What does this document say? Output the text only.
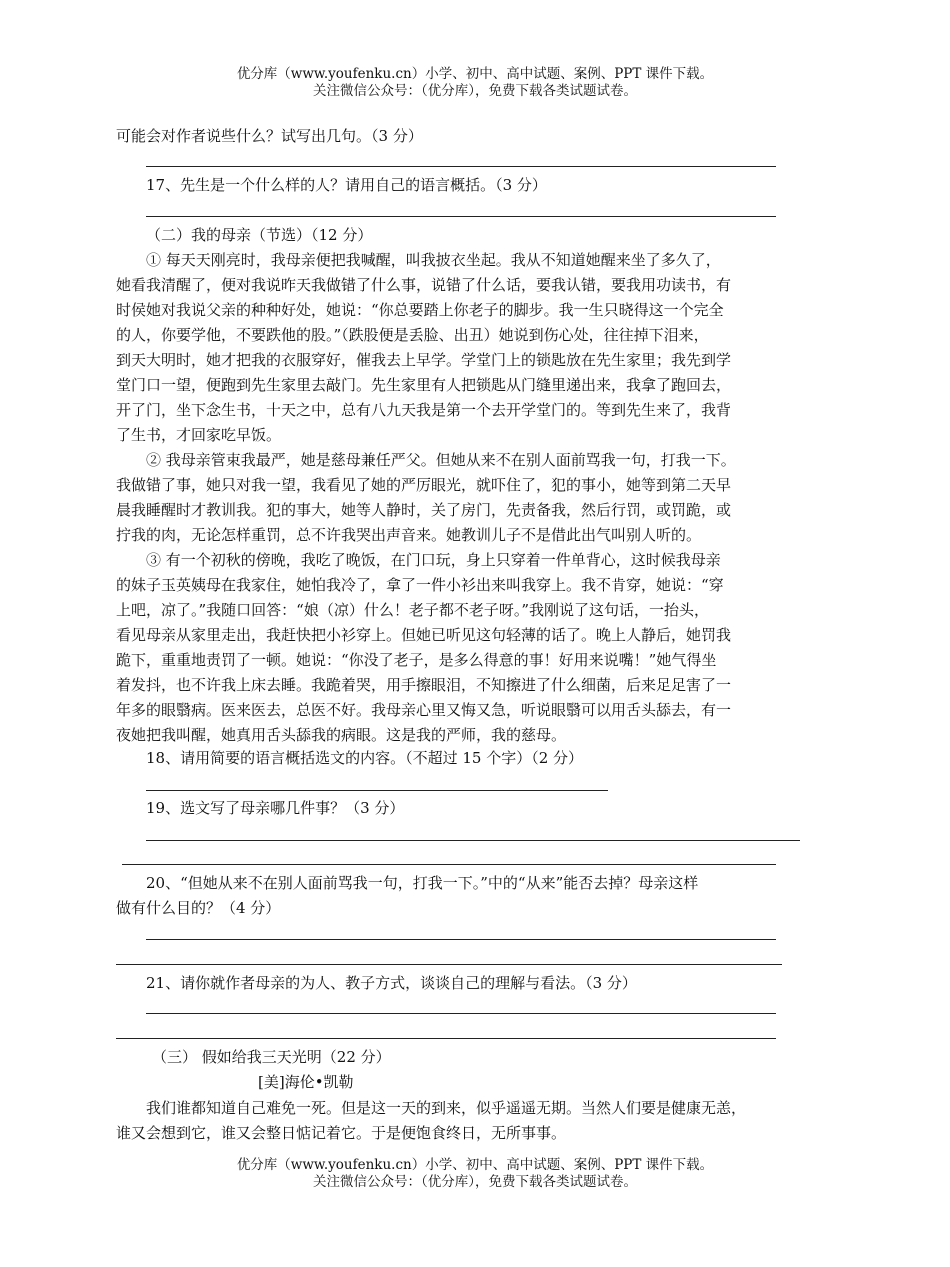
优分库（www.youfenku.cn）小学、初中、高中试题、案例、PPT 课件下载。
关注微信公众号：（优分库），免费下载各类试题试卷。
可能会对作者说些什么？试写出几句。（3 分）
17、先生是一个什么样的人？请用自己的语言概括。（3 分）
（二）我的母亲（节选）（12 分）
① 每天天刚亮时，我母亲便把我喊醒，叫我披衣坐起。我从不知道她醒来坐了多久了，
她看我清醒了，便对我说昨天我做错了什么事，说错了什么话，要我认错，要我用功读书，有
时侯她对我说父亲的种种好处，她说：“你总要踏上你老子的脚步。我一生只晓得这一个完全
的人，你要学他，不要跌他的股。”（跌股便是丢脸、出丑）她说到伤心处，往往掉下泪来，
到天大明时，她才把我的衣服穿好，催我去上早学。学堂门上的锁匙放在先生家里；我先到学
堂门口一望，便跑到先生家里去敲门。先生家里有人把锁匙从门缝里递出来，我拿了跑回去，
开了门，坐下念生书，十天之中，总有八九天我是第一个去开学堂门的。等到先生来了，我背
了生书，才回家吃早饭。
② 我母亲管束我最严，她是慈母兼任严父。但她从来不在别人面前骂我一句，打我一下。
我做错了事，她只对我一望，我看见了她的严厉眼光，就吓住了，犯的事小，她等到第二天早
晨我睡醒时才教训我。犯的事大，她等人静时，关了房门，先责备我，然后行罚，或罚跪，或
拧我的肉，无论怎样重罚，总不许我哭出声音来。她教训儿子不是借此出气叫别人听的。
③ 有一个初秋的傍晚，我吃了晚饭，在门口玩，身上只穿着一件单背心，这时候我母亲
的妹子玉英姨母在我家住，她怕我冷了，拿了一件小衫出来叫我穿上。我不肯穿，她说：“穿
上吧，凉了。”我随口回答：“娘（凉）什么！老子都不老子呀。”我刚说了这句话，一抬头，
看见母亲从家里走出，我赶快把小衫穿上。但她已听见这句轻薄的话了。晚上人静后，她罚我
跪下，重重地责罚了一顿。她说：“你没了老子，是多么得意的事！好用来说嘴！”她气得坐
着发抖，也不许我上床去睡。我跪着哭，用手擦眼泪，不知擦进了什么细菌，后来足足害了一
年多的眼翳病。医来医去，总医不好。我母亲心里又悔又急，听说眼翳可以用舌头舔去，有一
夜她把我叫醒，她真用舌头舔我的病眼。这是我的严师，我的慈母。
18、请用简要的语言概括选文的内容。（不超过 15 个字）（2 分）
19、选文写了母亲哪几件事？（3 分）
20、“但她从来不在别人面前骂我一句，打我一下。”中的“从来”能否去掉？母亲这样
做有什么目的？（4 分）
21、请你就作者母亲的为人、教子方式，谈谈自己的理解与看法。（3 分）
（三） 假如给我三天光明（22 分）
[美]海伦•凯勒
我们谁都知道自己难免一死。但是这一天的到来，似乎遥遥无期。当然人们要是健康无恙，
谁又会想到它，谁又会整日惦记着它。于是便饱食终日，无所事事。
优分库（www.youfenku.cn）小学、初中、高中试题、案例、PPT 课件下载。
关注微信公众号：（优分库），免费下载各类试题试卷。
